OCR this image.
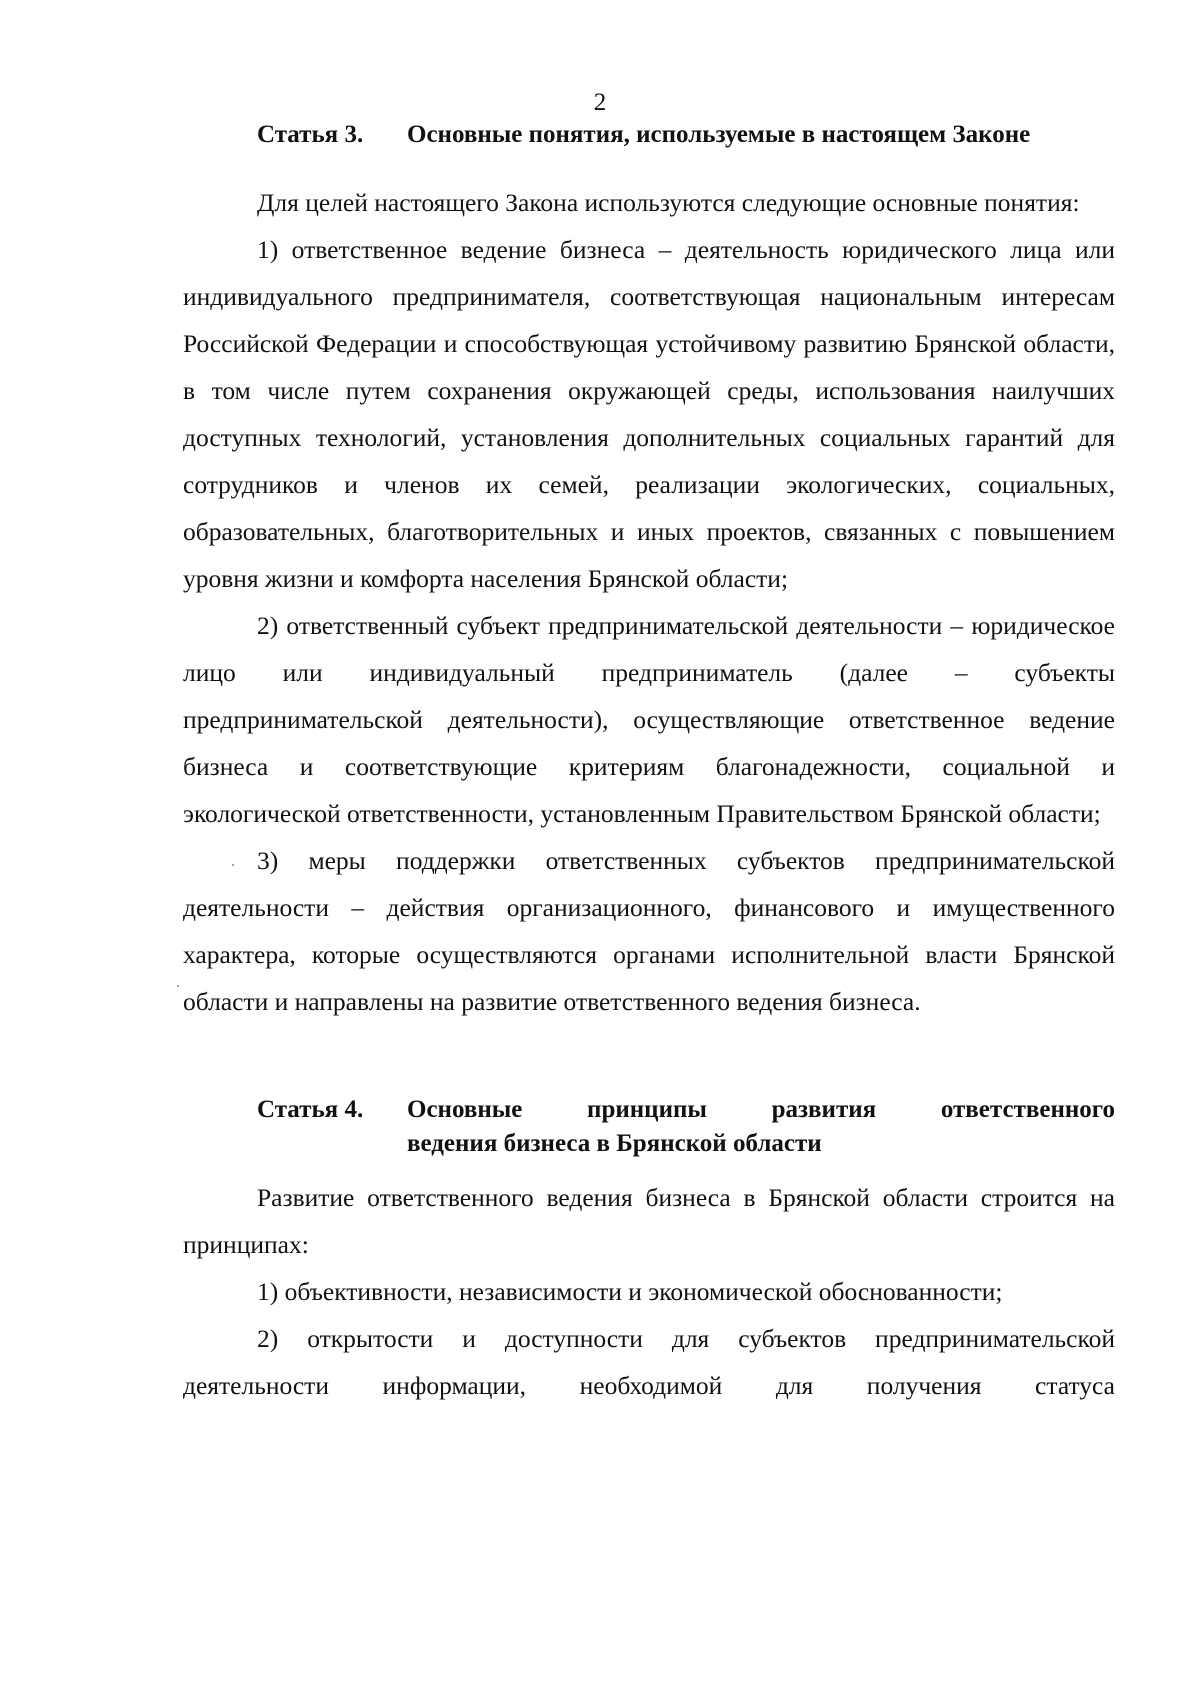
2
Статья 3.	Основные понятия, используемые в настоящем Законе

Для целей настоящего Закона используются следующие основные понятия:

1) ответственное ведение бизнеса – деятельность юридического лица или индивидуального предпринимателя, соответствующая национальным интересам Российской Федерации и способствующая устойчивому развитию Брянской области, в том числе путем сохранения окружающей среды, использования наилучших доступных технологий, установления дополнительных социальных гарантий для сотрудников и членов их семей, реализации экологических, социальных, образовательных, благотворительных и иных проектов, связанных с повышением уровня жизни и комфорта населения Брянской области;

2) ответственный субъект предпринимательской деятельности – юридическое лицо или индивидуальный предприниматель (далее – субъекты предпринимательской деятельности), осуществляющие ответственное ведение бизнеса и соответствующие критериям благонадежности, социальной и экологической ответственности, установленным Правительством Брянской области;

3) меры поддержки ответственных субъектов предпринимательской деятельности – действия организационного, финансового и имущественного характера, которые осуществляются органами исполнительной власти Брянской области и направлены на развитие ответственного ведения бизнеса.

Статья 4.	Основные принципы развития ответственного
ведения бизнеса в Брянской области

Развитие ответственного ведения бизнеса в Брянской области строится на принципах:

1) объективности, независимости и экономической обоснованности;

2) открытости и доступности для субъектов предпринимательской деятельности информации, необходимой для получения статуса
